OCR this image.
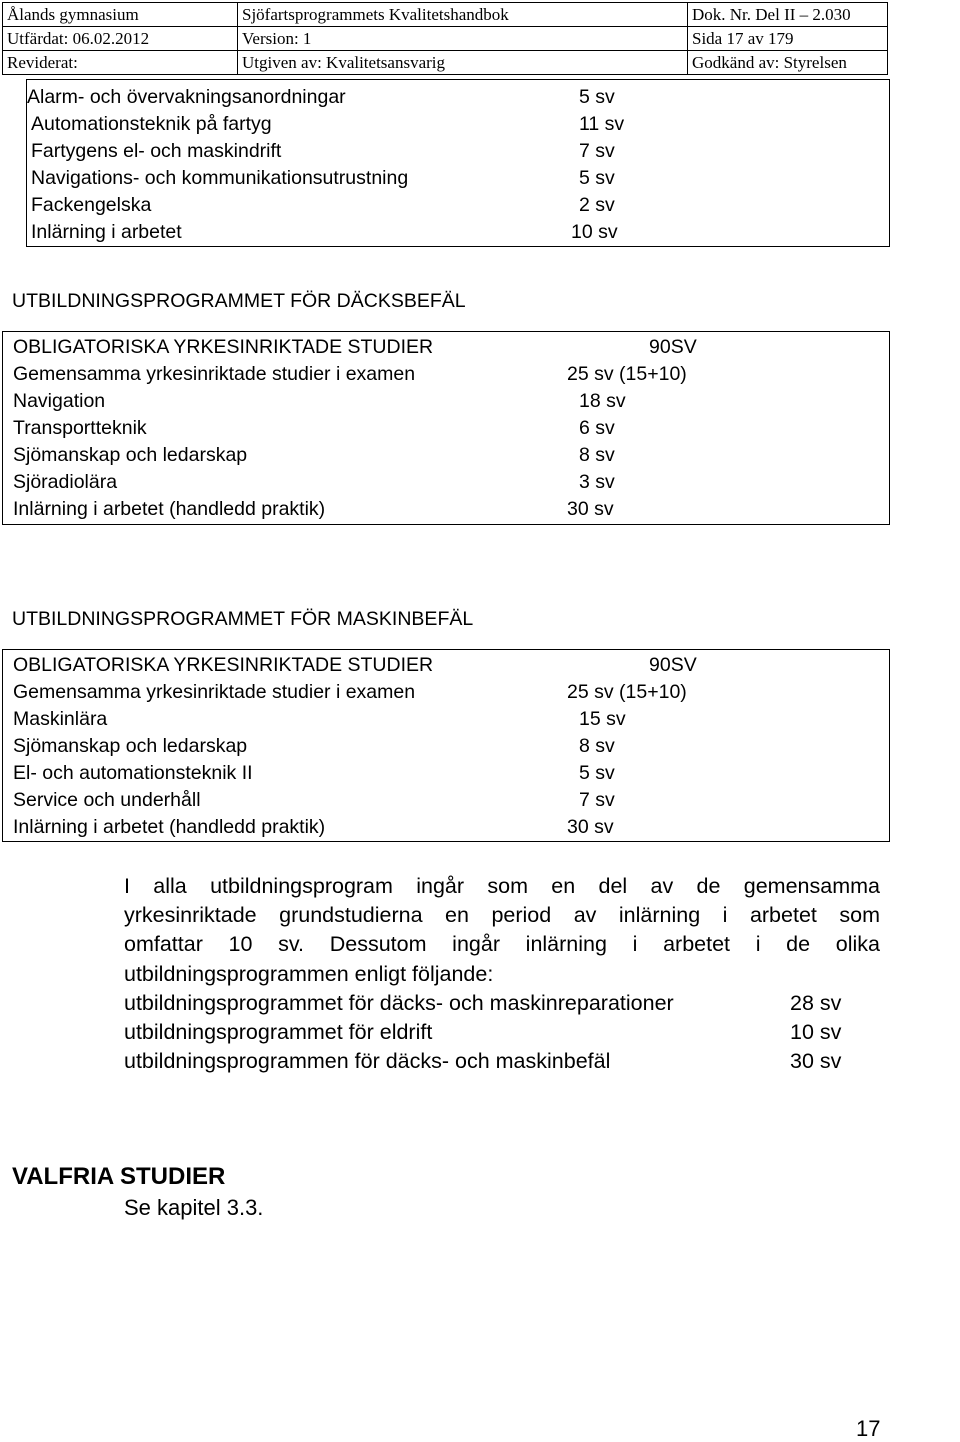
Ålands gymnasium	Sjöfartsprogrammets Kvalitetshandbok	Dok. Nr. Del II – 2.030
Utfärdat: 06.02.2012	Version: 1	Sida 17 av 179
Reviderat:	Utgiven av: Kvalitetsansvarig	Godkänd av: Styrelsen
Alarm- och övervakningsanordningar	5 sv
Automationsteknik på fartyg	11 sv
Fartygens el- och maskindrift	7 sv
Navigations- och kommunikationsutrustning	5 sv
Fackengelska	2 sv
Inlärning i arbetet	10 sv
UTBILDNINGSPROGRAMMET FÖR DÄCKSBEFÄL
OBLIGATORISKA YRKESINRIKTADE STUDIER	90SV
Gemensamma yrkesinriktade studier i examen	25 sv (15+10)
Navigation	18 sv
Transportteknik	6 sv
Sjömanskap och ledarskap	8 sv
Sjöradiolära	3 sv
Inlärning i arbetet (handledd praktik)	30 sv
UTBILDNINGSPROGRAMMET FÖR MASKINBEFÄL
OBLIGATORISKA YRKESINRIKTADE STUDIER	90SV
Gemensamma yrkesinriktade studier i examen	25 sv (15+10)
Maskinlära	15 sv
Sjömanskap och ledarskap	8 sv
El- och automationsteknik II	5 sv
Service och underhåll	7 sv
Inlärning i arbetet (handledd praktik)	30 sv
I alla utbildningsprogram ingår som en del av de gemensamma
yrkesinriktade grundstudierna en period av inlärning i arbetet som
omfattar 10 sv. Dessutom ingår inlärning i arbetet i de olika
utbildningsprogrammen enligt följande:
utbildningsprogrammet för däcks- och maskinreparationer	28 sv
utbildningsprogrammet för eldrift	10 sv
utbildningsprogrammen för däcks- och maskinbefäl	30 sv
VALFRIA STUDIER
Se kapitel 3.3.
17
